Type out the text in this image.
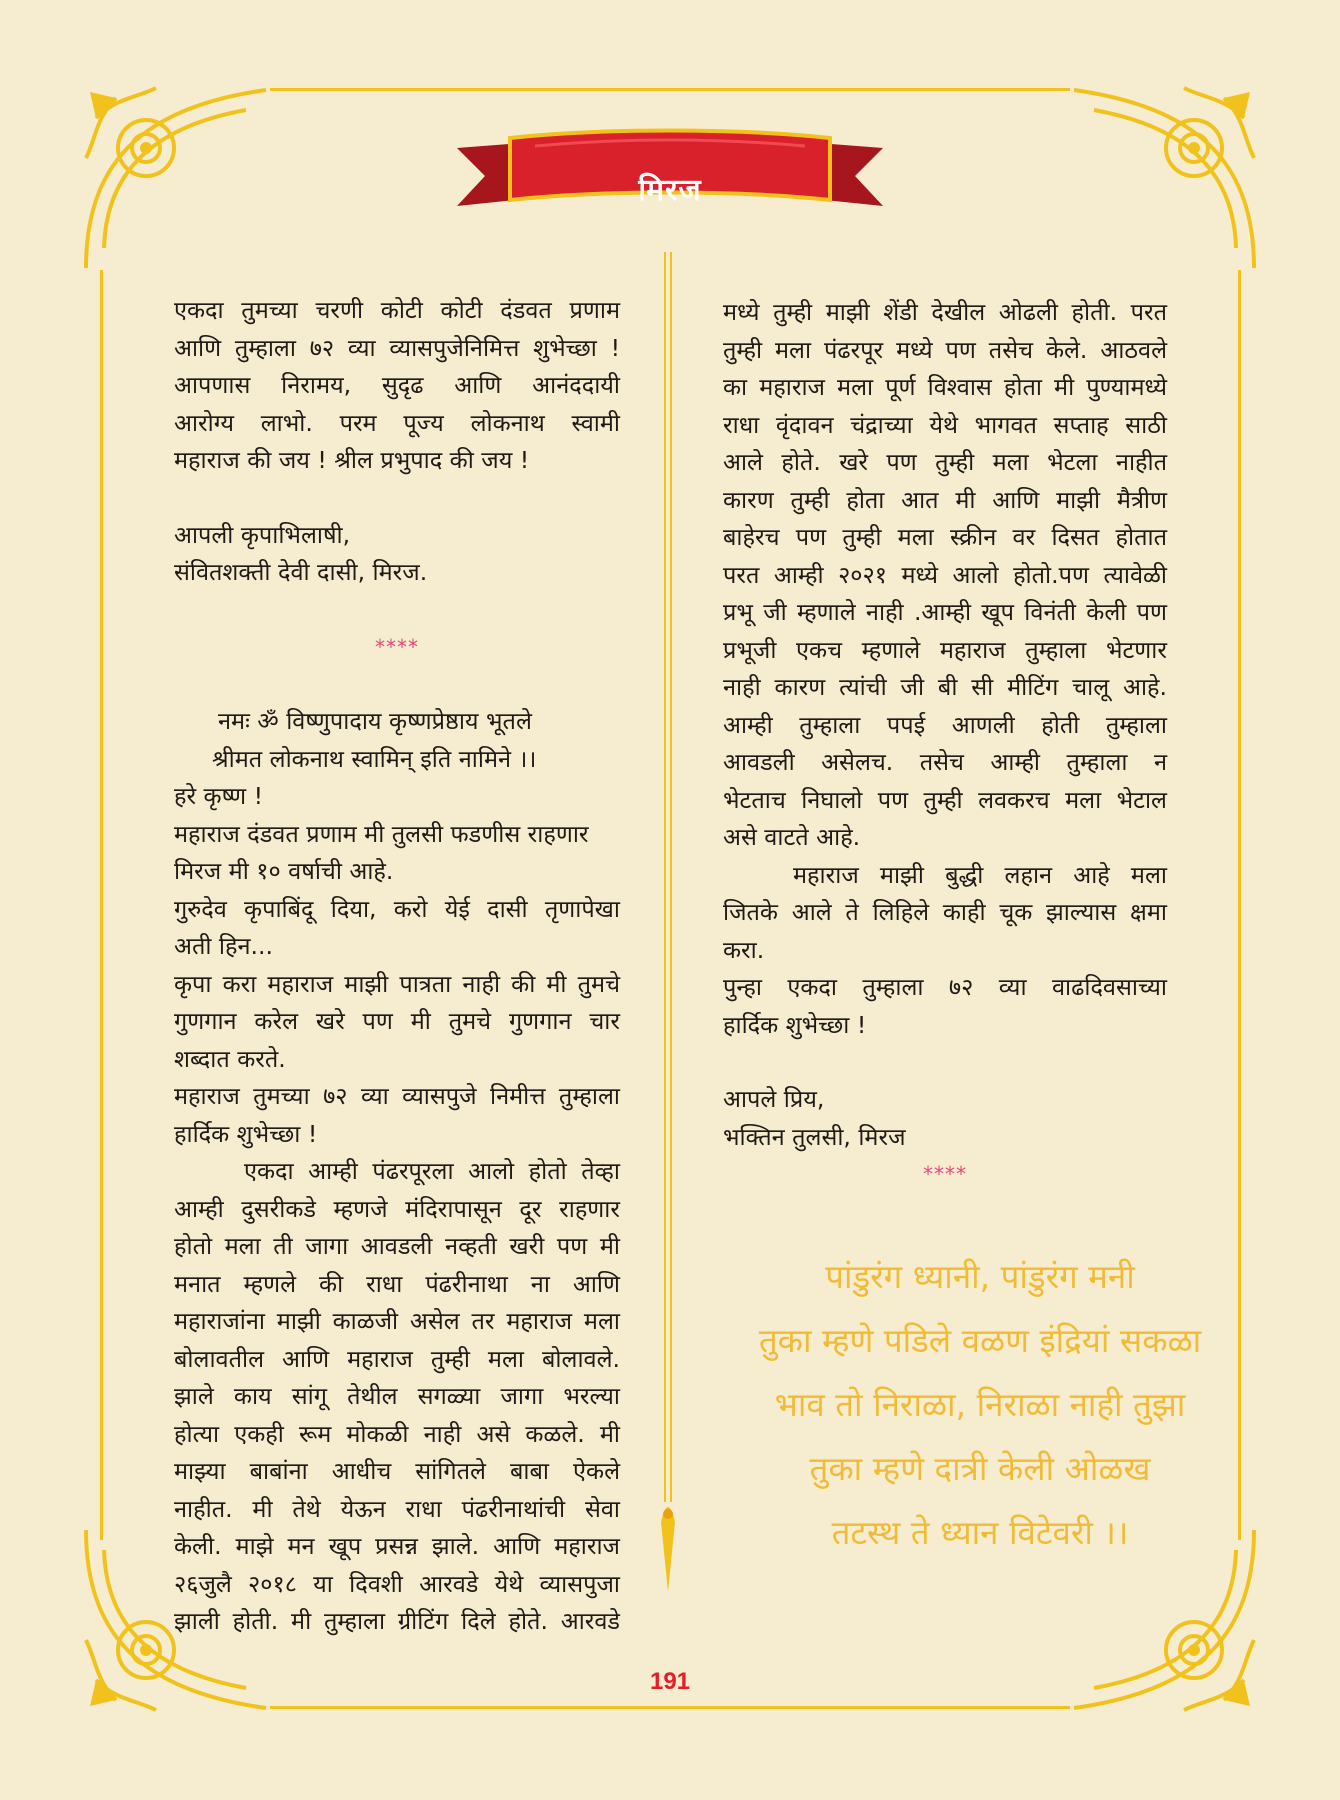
मिरज

एकदा तुमच्या चरणी कोटी कोटी दंडवत प्रणाम

आणि तुम्हाला ७२ व्या व्यासपुजेनिमित्त शुभेच्छा !

आपणास निरामय, सुदृढ आणि आनंददायी

आरोग्य लाभो. परम पूज्य लोकनाथ स्वामी

महाराज की जय ! श्रील प्रभुपाद की जय !

आपली कृपाभिलाषी,

संवितशक्ती देवी दासी, मिरज.

****

नमः ॐ विष्णुपादाय कृष्णप्रेष्ठाय भूतले

श्रीमत लोकनाथ स्वामिन् इति नामिने ।।

हरे कृष्ण !

महाराज दंडवत प्रणाम मी तुलसी फडणीस राहणार

मिरज मी १० वर्षाची आहे.

गुरुदेव कृपाबिंदू दिया, करो येई दासी तृणापेखा

अती हिन...

कृपा करा महाराज माझी पात्रता नाही की मी तुमचे

गुणगान करेल खरे पण मी तुमचे गुणगान चार

शब्दात करते.

महाराज तुमच्या ७२ व्या व्यासपुजे निमीत्त तुम्हाला

हार्दिक शुभेच्छा !

एकदा आम्ही पंढरपूरला आलो होतो तेव्हा

आम्ही दुसरीकडे म्हणजे मंदिरापासून दूर राहणार

होतो मला ती जागा आवडली नव्हती खरी पण मी

मनात म्हणले की राधा पंढरीनाथा ना आणि

महाराजांना माझी काळजी असेल तर महाराज मला

बोलावतील आणि महाराज तुम्ही मला बोलावले.

झाले काय सांगू तेथील सगळ्या जागा भरल्या

होत्या एकही रूम मोकळी नाही असे कळले. मी

माझ्या बाबांना आधीच सांगितले बाबा ऐकले

नाहीत. मी तेथे येऊन राधा पंढरीनाथांची सेवा

केली. माझे मन खूप प्रसन्न झाले. आणि महाराज

२६जुलै २०१८ या दिवशी आरवडे येथे व्यासपुजा

झाली होती. मी तुम्हाला ग्रीटिंग दिले होते. आरवडे

मध्ये तुम्ही माझी शेंडी देखील ओढली होती. परत

तुम्ही मला पंढरपूर मध्ये पण तसेच केले. आठवले

का महाराज मला पूर्ण विश्वास होता मी पुण्यामध्ये

राधा वृंदावन चंद्राच्या येथे भागवत सप्ताह साठी

आले होते. खरे पण तुम्ही मला भेटला नाहीत

कारण तुम्ही होता आत मी आणि माझी मैत्रीण

बाहेरच पण तुम्ही मला स्क्रीन वर दिसत होतात

परत आम्ही २०२१ मध्ये आलो होतो.पण त्यावेळी

प्रभू जी म्हणाले नाही .आम्ही खूप विनंती केली पण

प्रभूजी एकच म्हणाले महाराज तुम्हाला भेटणार

नाही कारण त्यांची जी बी सी मीटिंग चालू आहे.

आम्ही तुम्हाला पपई आणली होती तुम्हाला

आवडली असेलच. तसेच आम्ही तुम्हाला न

भेटताच निघालो पण तुम्ही लवकरच मला भेटाल

असे वाटते आहे.

महाराज माझी बुद्धी लहान आहे मला

जितके आले ते लिहिले काही चूक झाल्यास क्षमा

करा.

पुन्हा एकदा तुम्हाला ७२ व्या वाढदिवसाच्या

हार्दिक शुभेच्छा !

आपले प्रिय,

भक्तिन तुलसी, मिरज

****

पांडुरंग ध्यानी, पांडुरंग मनी
तुका म्हणे पडिले वळण इंद्रियां सकळा
भाव तो निराळा, निराळा नाही तुझा
तुका म्हणे दात्री केली ओळख
तटस्थ ते ध्यान विटेवरी ।।
191
